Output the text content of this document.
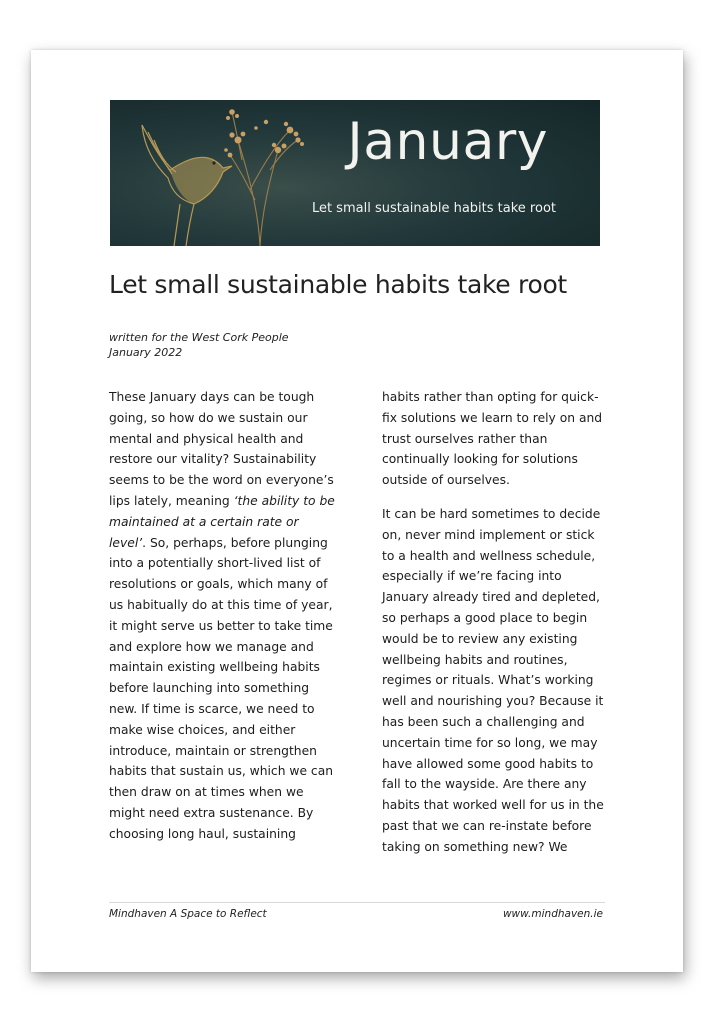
January
Let small sustainable habits take root
Let small sustainable habits take root
written for the West Cork People
January 2022

These January days can be tough
going, so how do we sustain our
mental and physical health and
restore our vitality? Sustainability
seems to be the word on everyone’s
lips lately, meaning ‘the ability to be
maintained at a certain rate or
level’. So, perhaps, before plunging
into a potentially short-lived list of
resolutions or goals, which many of
us habitually do at this time of year,
it might serve us better to take time
and explore how we manage and
maintain existing wellbeing habits
before launching into something
new. If time is scarce, we need to
make wise choices, and either
introduce, maintain or strengthen
habits that sustain us, which we can
then draw on at times when we
might need extra sustenance. By
choosing long haul, sustaining

habits rather than opting for quick-
fix solutions we learn to rely on and
trust ourselves rather than
continually looking for solutions
outside of ourselves.

It can be hard sometimes to decide
on, never mind implement or stick
to a health and wellness schedule,
especially if we’re facing into
January already tired and depleted,
so perhaps a good place to begin
would be to review any existing
wellbeing habits and routines,
regimes or rituals. What’s working
well and nourishing you? Because it
has been such a challenging and
uncertain time for so long, we may
have allowed some good habits to
fall to the wayside. Are there any
habits that worked well for us in the
past that we can re-instate before
taking on something new? We

Mindhaven A Space to Reflect	www.mindhaven.ie
